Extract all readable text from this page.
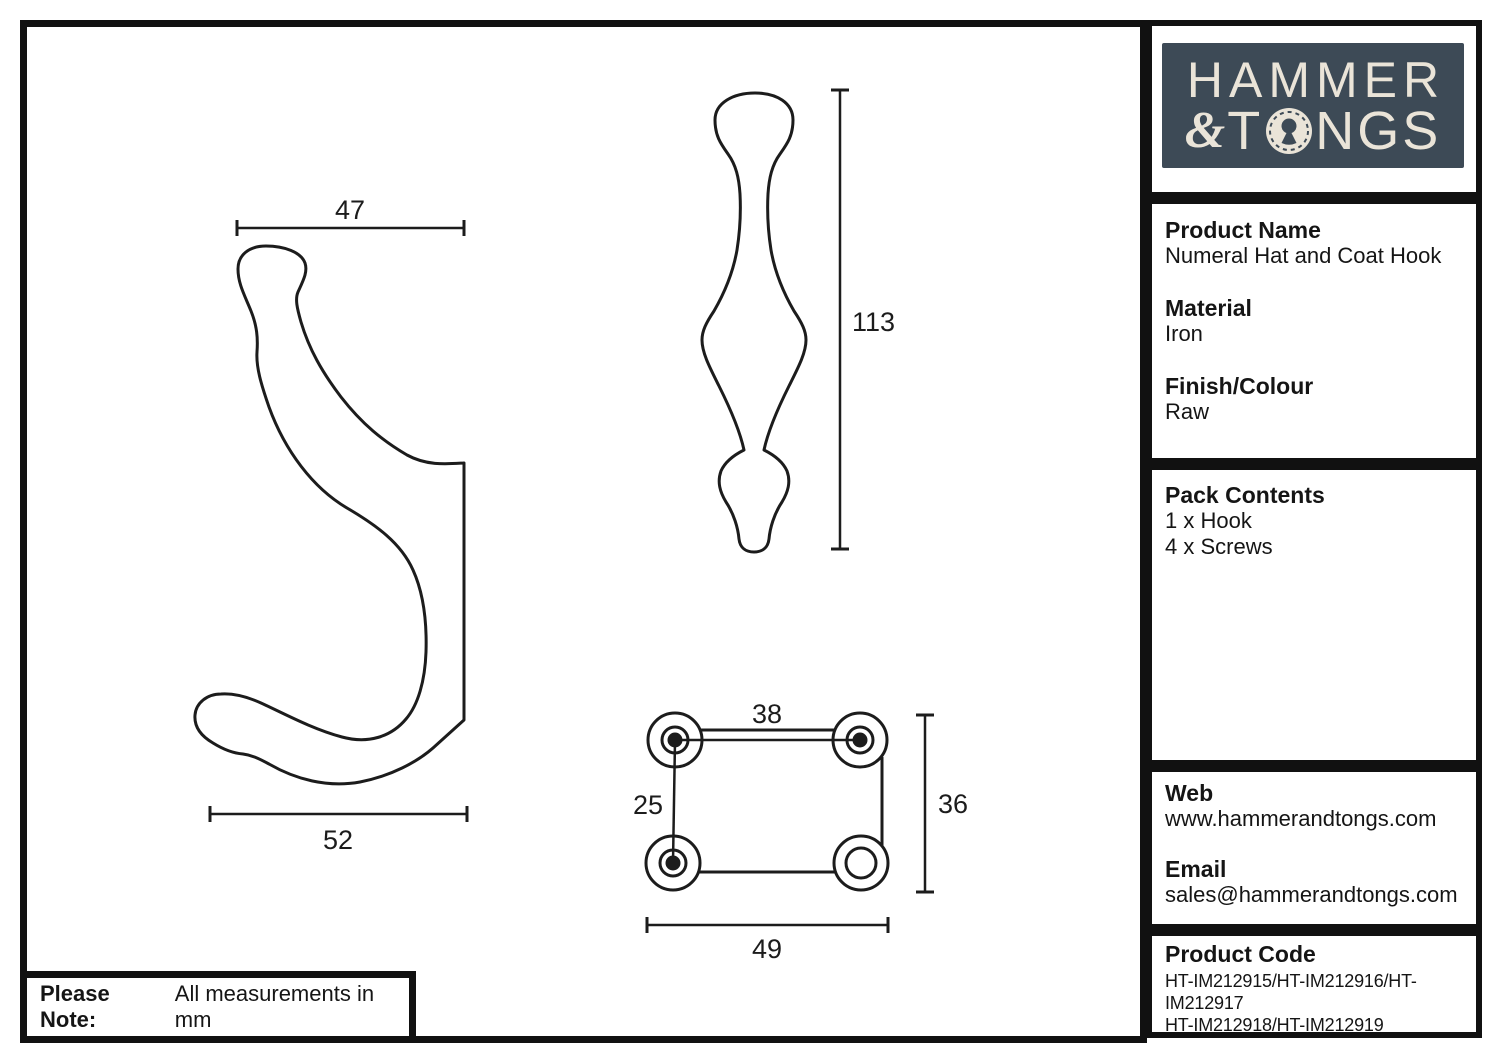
47
52
113
38
25	36
49
Please Note:
All measurements in mm
HAMMER
& T NGS
Product Name
Numeral Hat and Coat Hook
Material
Iron
Finish/Colour
Raw
Pack Contents
1 x Hook
4 x Screws
Web
www.hammerandtongs.com
Email
sales@hammerandtongs.com
Product Code
HT-IM212915/HT-IM212916/HT-IM212917
HT-IM212918/HT-IM212919
